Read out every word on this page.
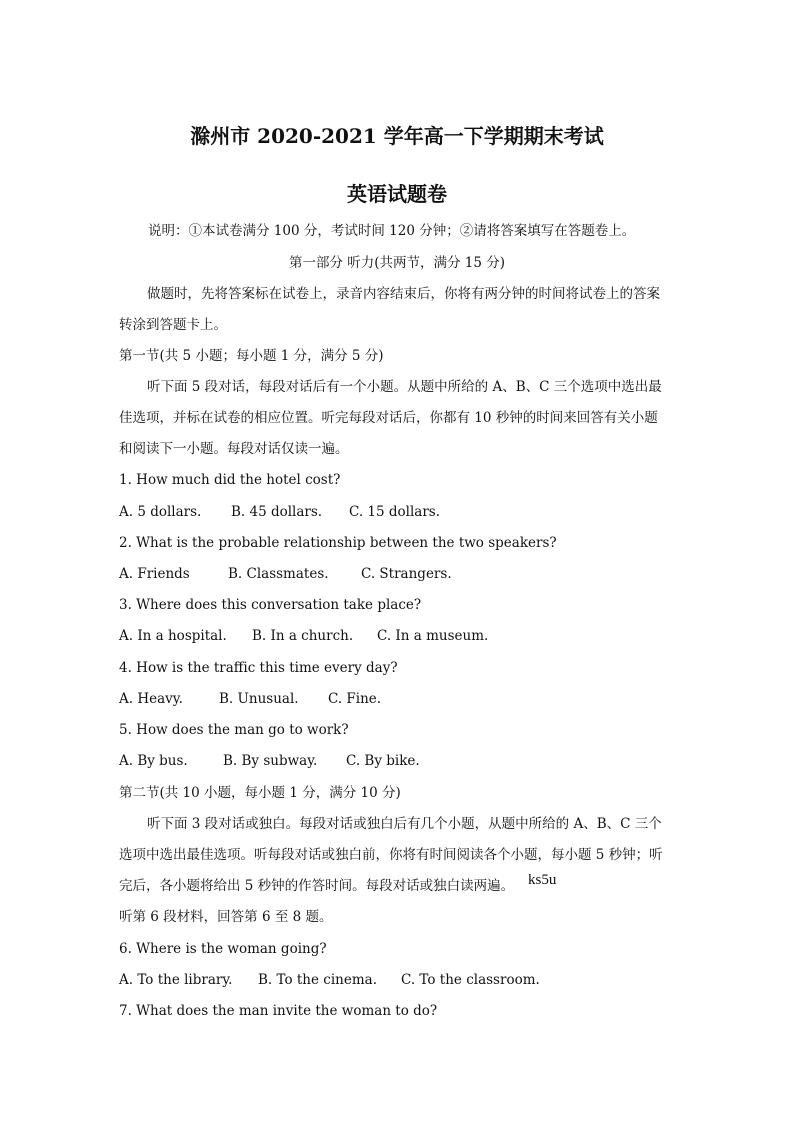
滁州市 2020-2021 学年高一下学期期末考试
英语试题卷
说明：①本试卷满分 100 分，考试时间 120 分钟；②请将答案填写在答题卷上。
第一部分 听力(共两节，满分 15 分)
做题时，先将答案标在试卷上，录音内容结束后，你将有两分钟的时间将试卷上的答案
转涂到答题卡上。
第一节(共 5 小题；每小题 1 分，满分 5 分)
听下面 5 段对话，每段对话后有一个小题。从题中所给的 A、B、C 三个选项中选出最
佳选项，并标在试卷的相应位置。听完每段对话后，你都有 10 秒钟的时间来回答有关小题
和阅读下一小题。每段对话仅读一遍。
1. How much did the hotel cost?
A. 5 dollars. B. 45 dollars. C. 15 dollars.
2. What is the probable relationship between the two speakers?
A. Friends	B. Classmates. C. Strangers.
3. Where does this conversation take place?
A. In a hospital. B. In a church. C. In a museum.
4. How is the traffic this time every day?
A. Heavy.	B. Unusual. C. Fine.
5. How does the man go to work?
A. By bus.	B. By subway. C. By bike.
第二节(共 10 小题，每小题 1 分，满分 10 分)
听下面 3 段对话或独白。每段对话或独白后有几个小题，从题中所给的 A、B、C 三个
选项中选出最佳选项。听每段对话或独白前，你将有时间阅读各个小题，每小题 5 秒钟；听
完后，各小题将给出 5 秒钟的作答时间。每段对话或独白读两遍。 ks5u
听第 6 段材料，回答第 6 至 8 题。
6. Where is the woman going?
A. To the library. B. To the cinema. C. To the classroom.
7. What does the man invite the woman to do?
